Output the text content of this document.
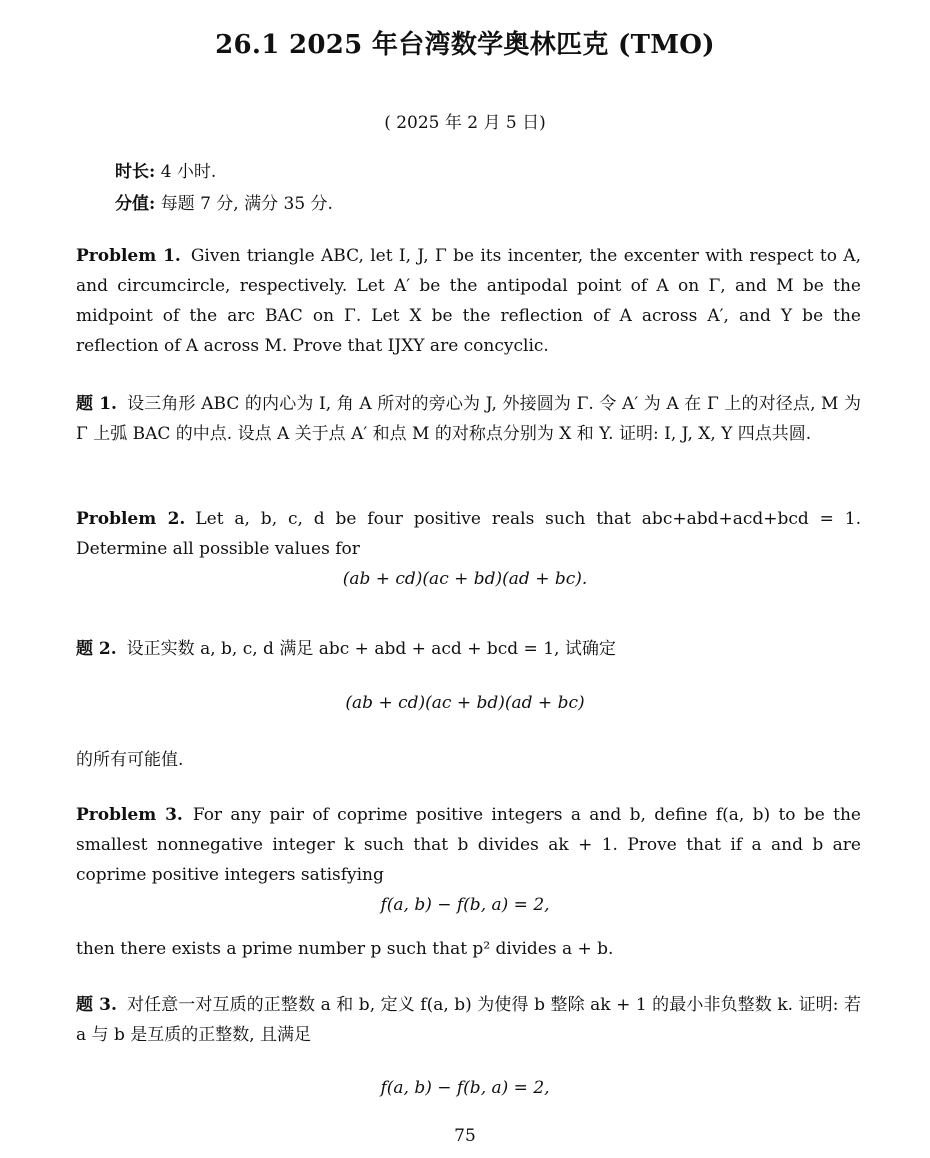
26.1 2025 年台湾数学奥林匹克 (TMO)
( 2025 年 2 月 5 日)
时长: 4 小时.
分值: 每题 7 分, 满分 35 分.

Problem 1. Given triangle ABC, let I, J, Γ be its incenter, the excenter with respect to A, and circumcircle, respectively. Let A′ be the antipodal point of A on Γ, and M be the midpoint of the arc BAC on Γ. Let X be the reflection of A across A′, and Y be the reflection of A across M. Prove that IJXY are concyclic.

题 1. 设三角形 ABC 的内心为 I, 角 A 所对的旁心为 J, 外接圆为 Γ. 令 A′ 为 A 在 Γ 上的对径点, M 为 Γ 上弧 BAC 的中点. 设点 A 关于点 A′ 和点 M 的对称点分别为 X 和 Y. 证明: I, J, X, Y 四点共圆.

Problem 2. Let a, b, c, d be four positive reals such that abc+abd+acd+bcd = 1. Determine all possible values for

(ab + cd)(ac + bd)(ad + bc).

题 2. 设正实数 a, b, c, d 满足 abc + abd + acd + bcd = 1, 试确定

(ab + cd)(ac + bd)(ad + bc)

的所有可能值.

Problem 3. For any pair of coprime positive integers a and b, define f(a, b) to be the smallest nonnegative integer k such that b divides ak + 1. Prove that if a and b are coprime positive integers satisfying

f(a, b) − f(b, a) = 2,

then there exists a prime number p such that p² divides a + b.

题 3. 对任意一对互质的正整数 a 和 b, 定义 f(a, b) 为使得 b 整除 ak + 1 的最小非负整数 k. 证明: 若 a 与 b 是互质的正整数, 且满足

f(a, b) − f(b, a) = 2,
75
